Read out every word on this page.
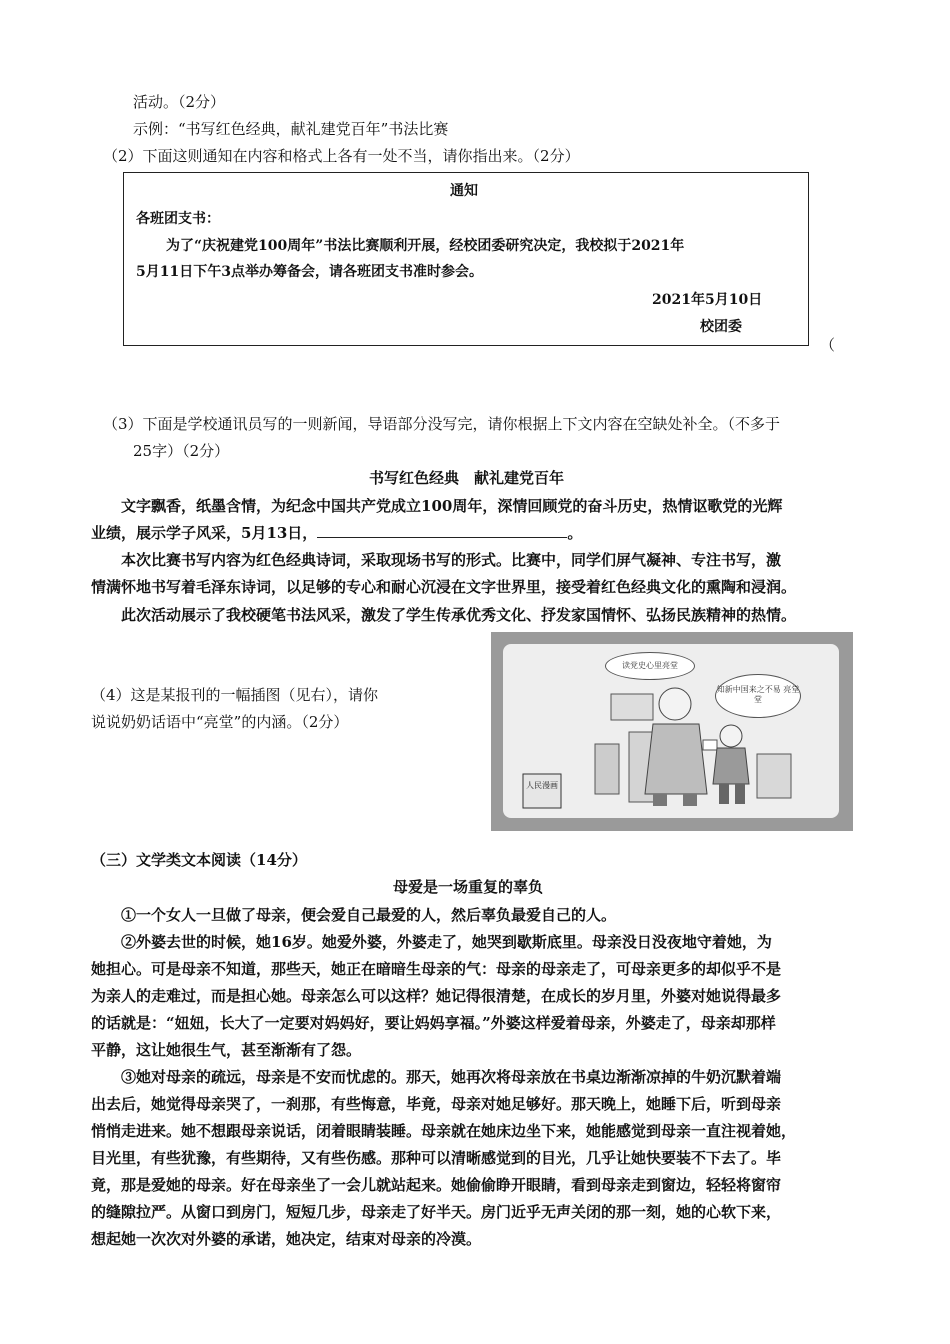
活动。（2分）
示例：“书写红色经典，献礼建党百年”书法比赛
（2）下面这则通知在内容和格式上各有一处不当，请你指出来。（2分）
通知
各班团支书：
为了“庆祝建党100周年”书法比赛顺利开展，经校团委研究决定，我校拟于2021年
5月11日下午3点举办筹备会，请各班团支书准时参会。
2021年5月10日
校团委
（
（3）下面是学校通讯员写的一则新闻，导语部分没写完，请你根据上下文内容在空缺处补全。（不多于
25字）（2分）
书写红色经典　献礼建党百年
文字飘香，纸墨含情，为纪念中国共产党成立100周年，深情回顾党的奋斗历史，热情讴歌党的光辉
业绩，展示学子风采，5月13日，	。
本次比赛书写内容为红色经典诗词，采取现场书写的形式。比赛中，同学们屏气凝神、专注书写，激
情满怀地书写着毛泽东诗词，以足够的专心和耐心沉浸在文字世界里，接受着红色经典文化的熏陶和浸润。
此次活动展示了我校硬笔书法风采，激发了学生传承优秀文化、抒发家国情怀、弘扬民族精神的热情。
（4）这是某报刊的一幅插图（见右），请你
说说奶奶话语中“亮堂”的内涵。（2分）
读党史心里亮堂
知新中国来之不易 亮堂堂
人民漫画
（三）文学类文本阅读（14分）
母爱是一场重复的辜负
①一个女人一旦做了母亲，便会爱自己最爱的人，然后辜负最爱自己的人。
②外婆去世的时候，她16岁。她爱外婆，外婆走了，她哭到歇斯底里。母亲没日没夜地守着她，为
她担心。可是母亲不知道，那些天，她正在暗暗生母亲的气：母亲的母亲走了，可母亲更多的却似乎不是
为亲人的走难过，而是担心她。母亲怎么可以这样？她记得很清楚，在成长的岁月里，外婆对她说得最多
的话就是：“妞妞，长大了一定要对妈妈好，要让妈妈享福。”外婆这样爱着母亲，外婆走了，母亲却那样
平静，这让她很生气，甚至渐渐有了怨。
③她对母亲的疏远，母亲是不安而忧虑的。那天，她再次将母亲放在书桌边渐渐凉掉的牛奶沉默着端
出去后，她觉得母亲哭了，一刹那，有些悔意，毕竟，母亲对她足够好。那天晚上，她睡下后，听到母亲
悄悄走进来。她不想跟母亲说话，闭着眼睛装睡。母亲就在她床边坐下来，她能感觉到母亲一直注视着她，
目光里，有些犹豫，有些期待，又有些伤感。那种可以清晰感觉到的目光，几乎让她快要装不下去了。毕
竟，那是爱她的母亲。好在母亲坐了一会儿就站起来。她偷偷睁开眼睛，看到母亲走到窗边，轻轻将窗帘
的缝隙拉严。从窗口到房门，短短几步，母亲走了好半天。房门近乎无声关闭的那一刻，她的心软下来，
想起她一次次对外婆的承诺，她决定，结束对母亲的冷漠。
